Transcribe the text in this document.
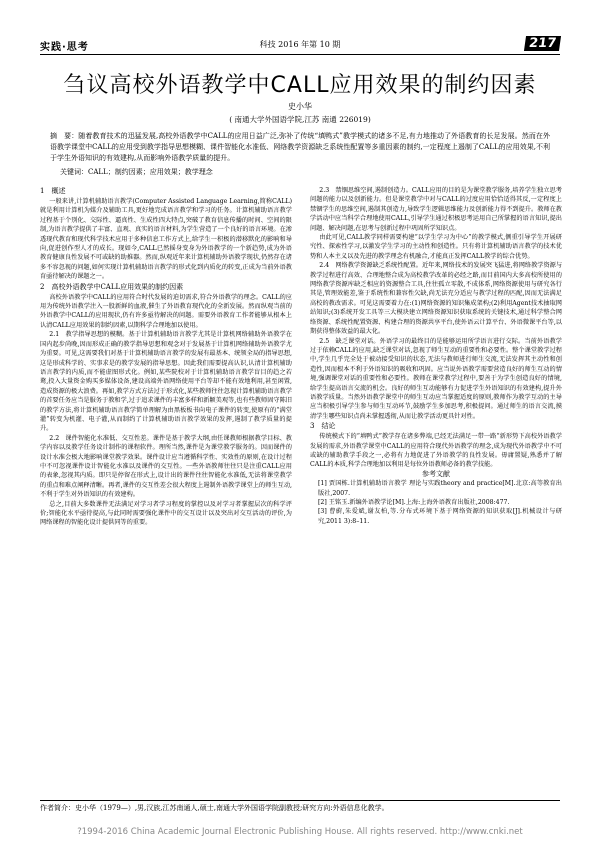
实践·思考	科技 2016 年第 10 期	217
刍议高校外语教学中CALL应用效果的制约因素
史小华
( 南通大学外国语学院,江苏 南通 226019)
摘　要：随着教育技术的迅猛发展,高校外语教学中CALL的应用日益广泛,弥补了传统“填鸭式”教学模式的诸多不足,有力地推动了外语教育的长足发展。然而在外语教学课堂中CALL的应用受到教学指导思想模糊、课件智能化水准低、网络教学资源缺乏系统性配置等多重因素的制约,一定程度上遏制了CALL的应用效果,不利于学生外语知识的有效建构,从而影响外语教学质量的提升。
关键词：CALL；制约因素；应用效果；教学理念

1　概述

一般来讲,计算机辅助语言教学(Computer Assisted Language Learning,简称CALL)就是利用计算机为媒介及辅助工具,更好地完成语言教学和学习的任务。计算机辅助语言教学过程基于个别化、交际性、逼真性、生成性四大特点,突破了教育信息传播的时间、空间的限制,为语言教学提供了丰富、直观、真实的语言材料,为学生营造了一个良好的语言环境。在渗透现代教育和现代科学技术应用于多种信息工作方式上,给学生一积极的潜移默化的影响和导向,促进创作型人才的成长。现如今,CALL已然摇身变身为外语教学的一个新趋势,成为外语教育健康良性发展不可或缺的助推器。然而,纵观近年来计算机辅助外语教学现状,仍然存在诸多不容忽视的问题,如何实现计算机辅助语言教学的形式化到内质化的转变,正成为当前外语教育亟待解决的课题之一。

2　高校外语教学中CALL应用效果的制约因素

高校外语教学中CALL的应用符合时代发展的迫切需求,符合外语教学的理念。CALL的应用为传统外语教学注入一股新鲜的血液,催生了外语教育现代化的全新发展。然而纵观当前的外语教学中CALL的应用现状,仍有许多亟待解决的问题。需要外语教育工作者能够从根本上认清CALL应用效果的制约因素,以期科学合理地加以使用。

2.1　教学指导思想的模糊。基于计算机辅助语言教学尤其是计算机网络辅助外语教学在国内起步尚晚,因而形成正确的教学指导思想和观念对于发展基于计算机网络辅助外语教学尤为重要。可见,这需要我们对基于计算机辅助语言教学的发展有最基本、统领全局的指导思想,这是形成科学的、实事求是的教学发展的指导思想。因此我们需要提高认识,认清计算机辅助语言教学的内质,而不能虚图形式化。例如,某些院校对于计算机辅助语言教学盲目的趋之若鹜,投入大量资金购买多媒体设备,建设高端外语网络使用平台等却不能有效地利用,甚至闲置,造成资源的极大浪费。再如,教学方式方法过于形式化,某些教师往往忽视计算机辅助语言教学的首要任务应当是服务于教和学,过于追求课件的丰富多样和新颖美观等,也有些教师固守陈旧的教学方法,将计算机辅助语言教学简单理解为由黑板板书向电子课件的转变,使原有的“满堂灌”转变为机灌、电子灌,从而制约了计算机辅助语言教学效果的发挥,遏制了教学质量的提升。

2.2　课件智能化水准低、交互性差。课件是基于教学大纲,由任课教师根据教学目标、教学内容以及教学任务设计制作的课程软件。理所当然,课件是为课堂教学服务的。因而课件的设计水准会极大地影响课堂教学效果。课件设计应当遵循科学性、实效性的原则,在设计过程中不可忽视课件设计智能化水准以及课件的交互性。一些外语教师往往只是注重CALL应用的表象,忽视其内质。即只是停留在形式上,设计出的课件往往智能化水准低,无法将课堂教学的重点和难点阐释清晰。再者,课件的交互性差会很大程度上遏制外语教学课堂上的师生互动,不利于学生对外语知识的有效建构。

总之,目前大多数课件无法满足对学习者学习程度的掌控以及对学习者掌握层次的科学评价;智能化水平亟待提高,与此同时需要强化课件中的交互设计以及突出对交互活动的评价,为网络课程的智能化设计提供同等的重要。

2.3　禁锢思维空间,遏制创造力。CALL应用的目的是为课堂教学服务,培养学生独立思考问题的能力以及创新能力。但是课堂教学中对与CALL的过度应用恰恰适得其反,一定程度上禁锢学生的思维空间,遏制其创造力,导致学生逻辑思维能力及创新能力得不到提升。教师在教学活动中应当科学合理地使用CALL,引导学生通过积极思考运用自己所掌握的语言知识,提出问题、解决问题,在思考与创新过程中巩固所学知识点。

由此可见,CALL教学同样需要构建“以学生学习为中心”的教学模式,侧重引导学生开展研究性、探索性学习,以激发学生学习的主动性和创造性。只有将计算机辅助语言教学的技术优势和人本主义以及先进的教学理念有机融合,才能真正发挥CALL教学的综合优势。

2.4　网络教学资源缺乏系统性配置。近年来,网络技术的发展突飞猛进,将网络教学资源与教学过程进行高效、合理地整合成为高校教学改革的必经之路,而目前国内大多高校所使用的网络教学资源库缺乏相应的资源整合工具,往往孤立零散,不成体系,网络资源使用与研究各行其是,管理效能差,鉴于系统性和兼容性欠缺,尚无法充分适应与教学过程的匹配,因而无法满足高校的教改需求。可见这需要着力在:(1)网络资源的知识集成架构;(2)利用Agent技术抽取网站知识;(3)系统开发工具等三大模块建立网络资源知识获取系统的关键技术,通过科学整合网络资源、系统性配置资源、构建合理的资源共享平台,使外语云计算平台、外语微课平台等,以期获得整体效益的最大化。

2.5　缺乏课堂对话。外语学习的最终目的是能够运用所学语言进行交际。当前外语教学过于依赖CALL的应用,缺乏课堂对话,忽视了师生互动的重要性和必要性。整个课堂教学过程中,学生几乎完全处于被动接受知识的状态,无法与教师进行师生交流,无法发挥其主动性和创造性,因而根本不利于外语知识的吸收和巩固。应当说外语教学需要营造良好的师生互动的情境,强调课堂对话的重要性和必要性。教师在课堂教学过程中,要善于为学生创造良好的情境,给学生提高语言交流的机会。良好的师生互动能够有力促进学生外语知识的有效建构,提升外语教学质量。当然外语教学课堂中的师生互动应当掌握适度的原则,教师作为教学互动的主导应当积极引导学生参与师生互动环节,鼓励学生多加思考,积极提问。通过师生的语言交流,摸清学生哪些知识点尚未掌握透彻,从而让教学活动更具针对性。

3　结论

传统模式下的“填鸭式”教学存在诸多弊端,已经无法满足一带一路“新形势下高校外语教学发展的需求,外语教学课堂中CALL的应用符合现代外语教学的理念,成为现代外语教学中不可或缺的辅助教学手段之一,必将有力地促进了外语教学的良性发展。毋庸置疑,熟悉并了解CALL的本质,科学合理地加以利用是每位外语教师必备的教学技能。

参考文献

[1] 贾国栋.计算机辅助语言教学 理论与实践theory and practice[M].北京:高等教育出版社,2007.

[2] 王铭玉.新编外语教学论[M].上海:上海外语教育出版社,2008:477.

[3] 曹蔚,朱爱斌,谢友柏,等.分布式环境下基于网络资源的知识获取[J].机械设计与研究,2011 3):8–11.

作者简介：史小华（1979—）,男,汉族,江苏南通人,硕士,南通大学外国语学院副教授;研究方向:外语信息化教学。
?1994-2016 China Academic Journal Electronic Publishing House. All rights reserved. http://www.cnki.net
